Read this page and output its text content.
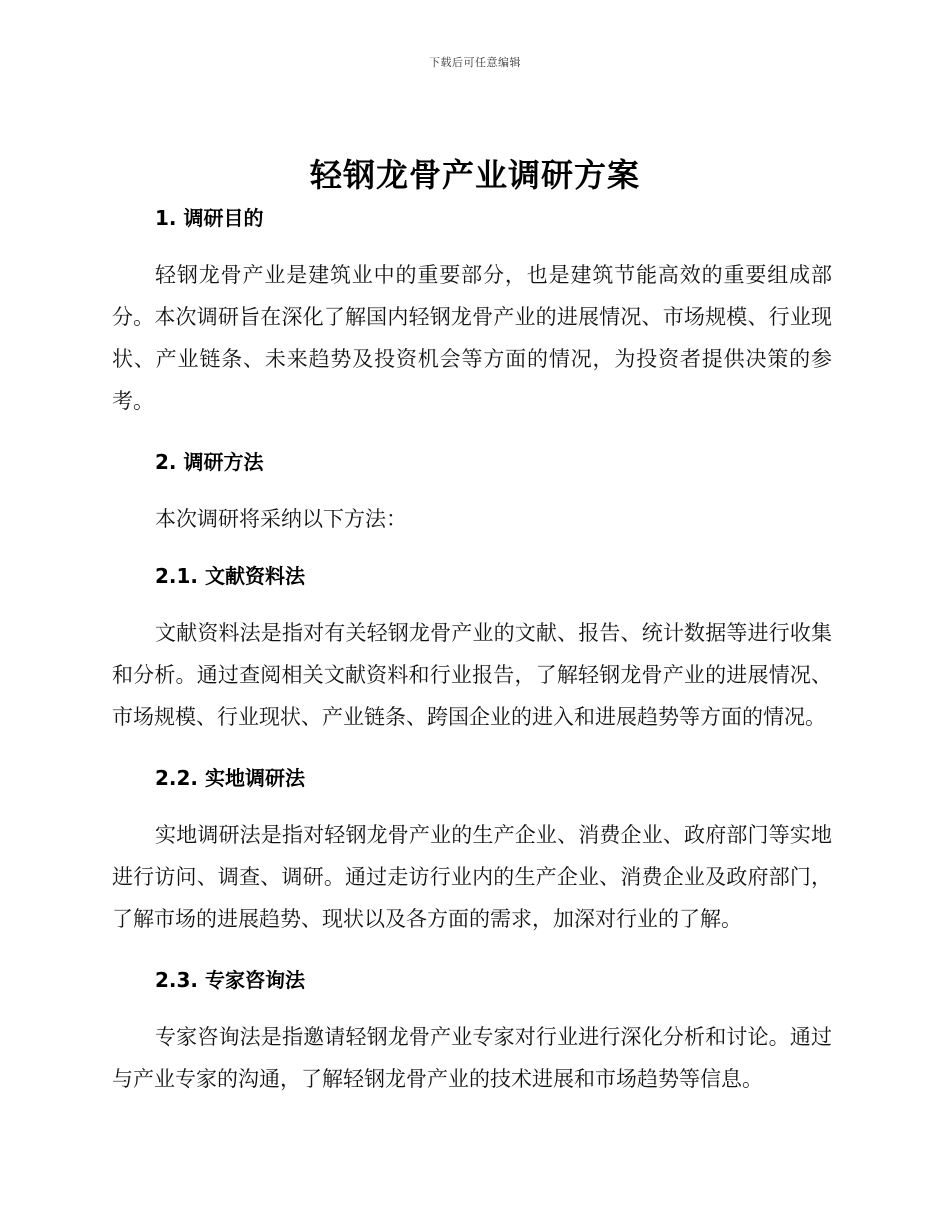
下载后可任意编辑
轻钢龙骨产业调研方案
1. 调研目的

轻钢龙骨产业是建筑业中的重要部分，也是建筑节能高效的重要组成部分。本次调研旨在深化了解国内轻钢龙骨产业的进展情况、市场规模、行业现状、产业链条、未来趋势及投资机会等方面的情况，为投资者提供决策的参考。

2. 调研方法

本次调研将采纳以下方法：

2.1. 文献资料法

文献资料法是指对有关轻钢龙骨产业的文献、报告、统计数据等进行收集和分析。通过查阅相关文献资料和行业报告，了解轻钢龙骨产业的进展情况、市场规模、行业现状、产业链条、跨国企业的进入和进展趋势等方面的情况。

2.2. 实地调研法

实地调研法是指对轻钢龙骨产业的生产企业、消费企业、政府部门等实地进行访问、调查、调研。通过走访行业内的生产企业、消费企业及政府部门，了解市场的进展趋势、现状以及各方面的需求，加深对行业的了解。

2.3. 专家咨询法

专家咨询法是指邀请轻钢龙骨产业专家对行业进行深化分析和讨论。通过与产业专家的沟通，了解轻钢龙骨产业的技术进展和市场趋势等信息。
